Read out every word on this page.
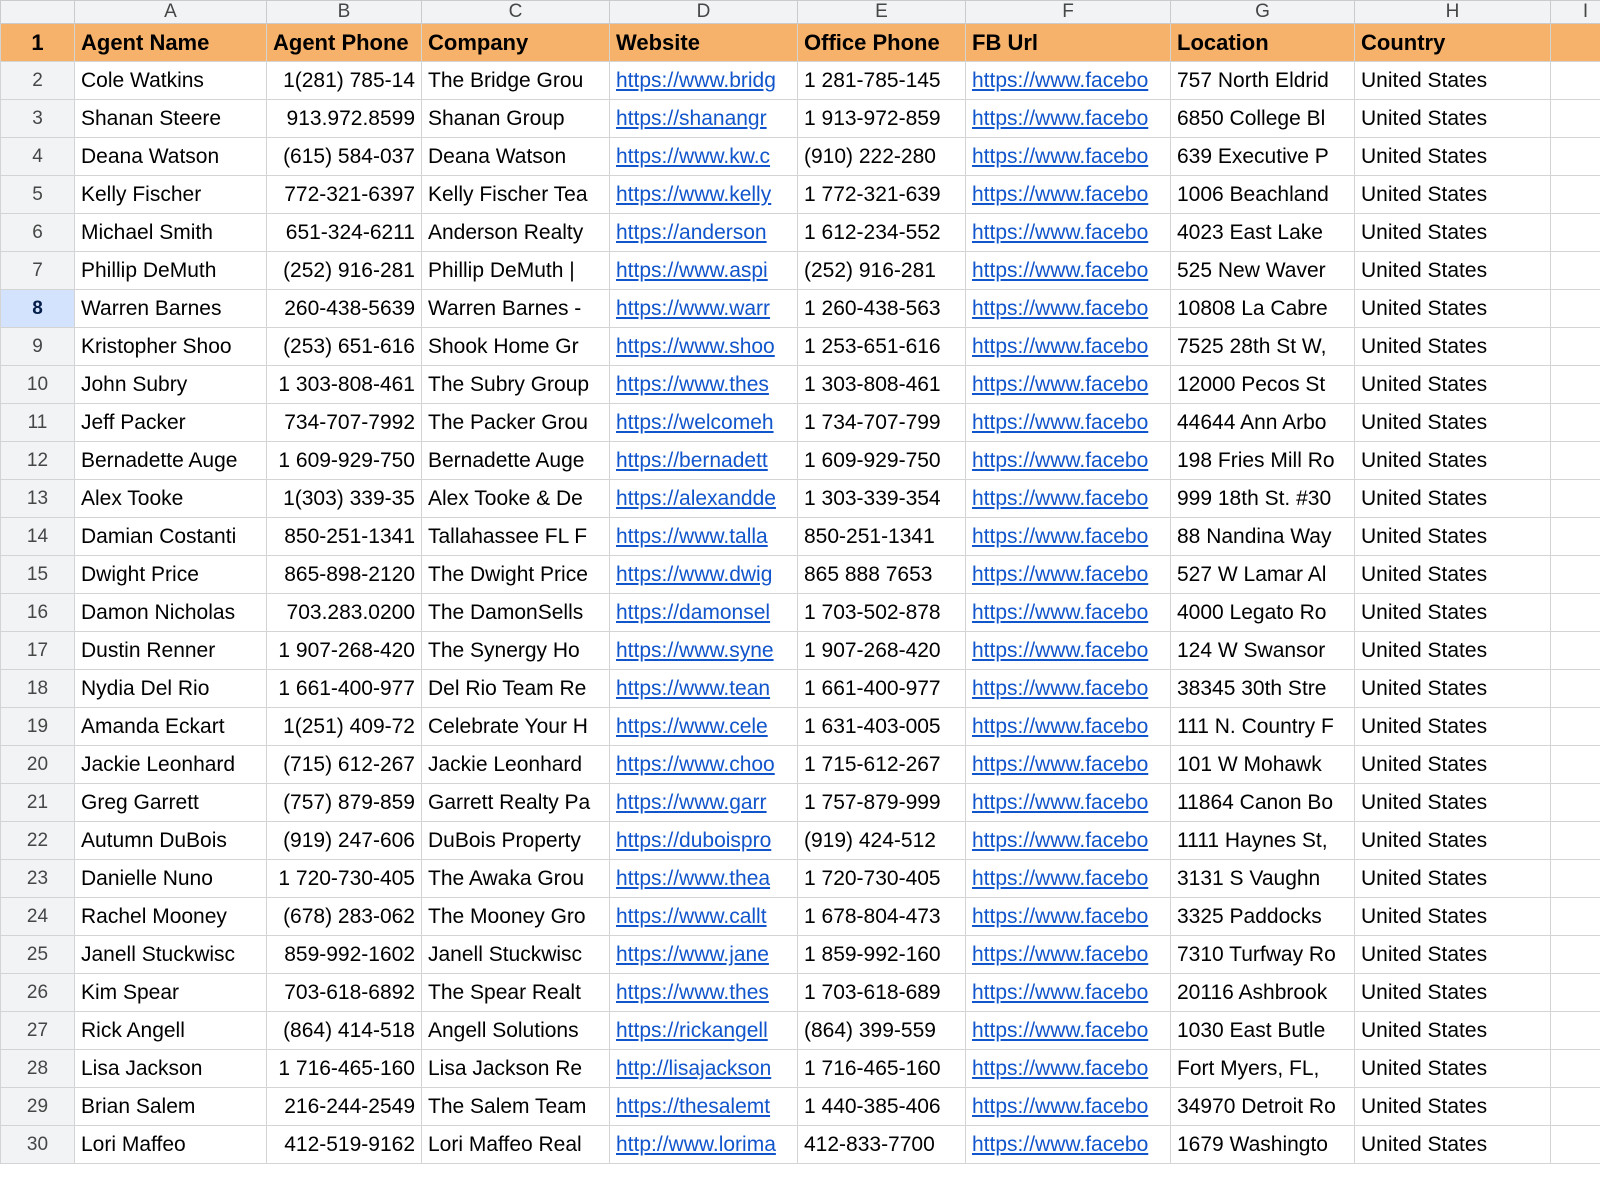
	A	B	C	D	E	F	G	H	I
1	Agent Name	Agent Phone	Company	Website	Office Phone	FB Url	Location	Country	
2	Cole Watkins	1(281) 785-14	The Bridge Grou	https://www.bridg	1 281-785-145	https://www.facebo	757 North Eldrid	United States	
3	Shanan Steere	913.972.8599	Shanan Group	https://shanangr	1 913-972-859	https://www.facebo	6850 College Bl	United States	
4	Deana Watson	(615) 584-037	Deana Watson	https://www.kw.c	(910) 222-280	https://www.facebo	639 Executive P	United States	
5	Kelly Fischer	772-321-6397	Kelly Fischer Tea	https://www.kelly	1 772-321-639	https://www.facebo	1006 Beachland	United States	
6	Michael Smith	651-324-6211	Anderson Realty	https://anderson	1 612-234-552	https://www.facebo	4023 East Lake	United States	
7	Phillip DeMuth	(252) 916-281	Phillip DeMuth |	https://www.aspi	(252) 916-281	https://www.facebo	525 New Waver	United States	
8	Warren Barnes	260-438-5639	Warren Barnes -	https://www.warr	1 260-438-563	https://www.facebo	10808 La Cabre	United States	
9	Kristopher Shoo	(253) 651-616	Shook Home Gr	https://www.shoo	1 253-651-616	https://www.facebo	7525 28th St W,	United States	
10	John Subry	1 303-808-461	The Subry Group	https://www.thes	1 303-808-461	https://www.facebo	12000 Pecos St	United States	
11	Jeff Packer	734-707-7992	The Packer Grou	https://welcomeh	1 734-707-799	https://www.facebo	44644 Ann Arbo	United States	
12	Bernadette Auge	1 609-929-750	Bernadette Auge	https://bernadett	1 609-929-750	https://www.facebo	198 Fries Mill Ro	United States	
13	Alex Tooke	1(303) 339-35	Alex Tooke & De	https://alexandde	1 303-339-354	https://www.facebo	999 18th St. #30	United States	
14	Damian Costanti	850-251-1341	Tallahassee FL F	https://www.talla	850-251-1341	https://www.facebo	88 Nandina Way	United States	
15	Dwight Price	865-898-2120	The Dwight Price	https://www.dwig	865 888 7653	https://www.facebo	527 W Lamar Al	United States	
16	Damon Nicholas	703.283.0200	The DamonSells	https://damonsel	1 703-502-878	https://www.facebo	4000 Legato Ro	United States	
17	Dustin Renner	1 907-268-420	The Synergy Ho	https://www.syne	1 907-268-420	https://www.facebo	124 W Swansor	United States	
18	Nydia Del Rio	1 661-400-977	Del Rio Team Re	https://www.tean	1 661-400-977	https://www.facebo	38345 30th Stre	United States	
19	Amanda Eckart	1(251) 409-72	Celebrate Your H	https://www.cele	1 631-403-005	https://www.facebo	111 N. Country F	United States	
20	Jackie Leonhard	(715) 612-267	Jackie Leonhard	https://www.choo	1 715-612-267	https://www.facebo	101 W Mohawk	United States	
21	Greg Garrett	(757) 879-859	Garrett Realty Pa	https://www.garr	1 757-879-999	https://www.facebo	11864 Canon Bo	United States	
22	Autumn DuBois	(919) 247-606	DuBois Property	https://duboispro	(919) 424-512	https://www.facebo	1111 Haynes St,	United States	
23	Danielle Nuno	1 720-730-405	The Awaka Grou	https://www.thea	1 720-730-405	https://www.facebo	3131 S Vaughn	United States	
24	Rachel Mooney	(678) 283-062	The Mooney Gro	https://www.callt	1 678-804-473	https://www.facebo	3325 Paddocks	United States	
25	Janell Stuckwisc	859-992-1602	Janell Stuckwisc	https://www.jane	1 859-992-160	https://www.facebo	7310 Turfway Ro	United States	
26	Kim Spear	703-618-6892	The Spear Realt	https://www.thes	1 703-618-689	https://www.facebo	20116 Ashbrook	United States	
27	Rick Angell	(864) 414-518	Angell Solutions	https://rickangell	(864) 399-559	https://www.facebo	1030 East Butle	United States	
28	Lisa Jackson	1 716-465-160	Lisa Jackson Re	http://lisajackson	1 716-465-160	https://www.facebo	Fort Myers, FL,	United States	
29	Brian Salem	216-244-2549	The Salem Team	https://thesalemt	1 440-385-406	https://www.facebo	34970 Detroit Ro	United States	
30	Lori Maffeo	412-519-9162	Lori Maffeo Real	http://www.lorima	412-833-7700	https://www.facebo	1679 Washingto	United States	
